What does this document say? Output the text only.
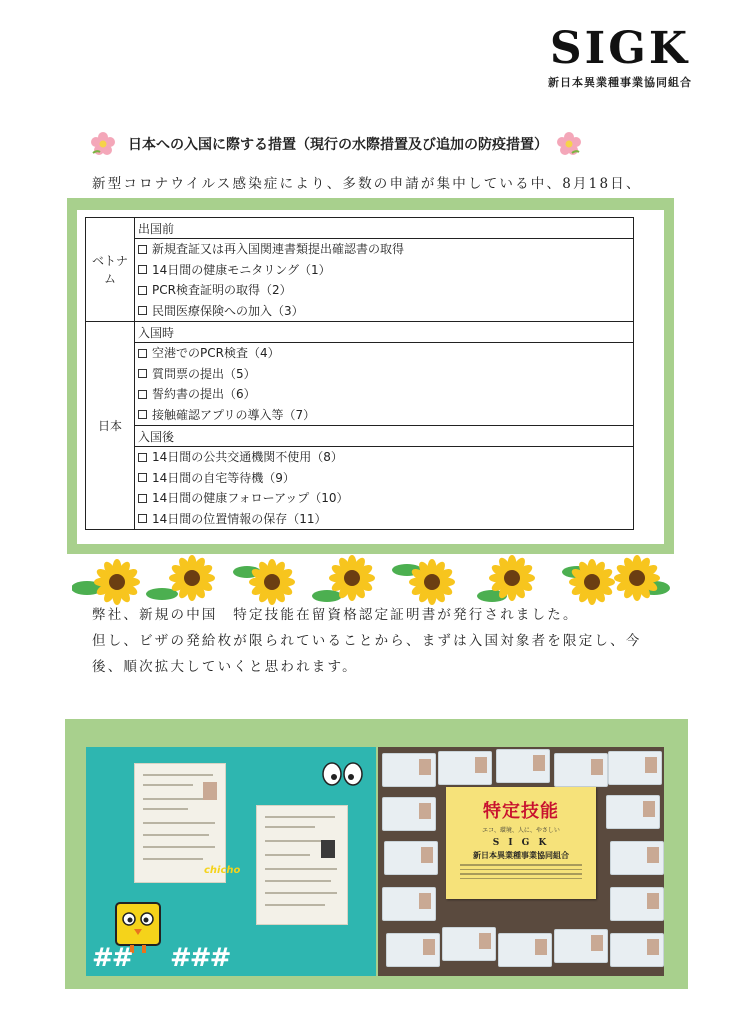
SIGK
新日本異業種事業協同組合
日本への入国に際する措置（現行の水際措置及び追加の防疫措置）
新型コロナウイルス感染症により、多数の申請が集中している中、8月18日、
ベトナム	出国前

	新規査証又は再入国関連書類提出確認書の取得
14日間の健康モニタリング（1）
PCR検査証明の取得（2）
民間医療保険への加入（3）

日本	入国時

	空港でのPCR検査（4）
質問票の提出（5）
誓約書の提出（6）
接触確認アプリの導入等（7）

	入国後

	14日間の公共交通機関不使用（8）
14日間の自宅等待機（9）
14日間の健康フォローアップ（10）
14日間の位置情報の保存（11）
弊社、新規の中国　特定技能在留資格認定証明書が発行されました。
但し、ビザの発給枚が限られていることから、まずは入国対象者を限定し、今
後、順次拡大していくと思われます。
chicho
## ###
特定技能
エコ、環境、人に、やさしい
S I G K
新日本異業種事業協同組合
